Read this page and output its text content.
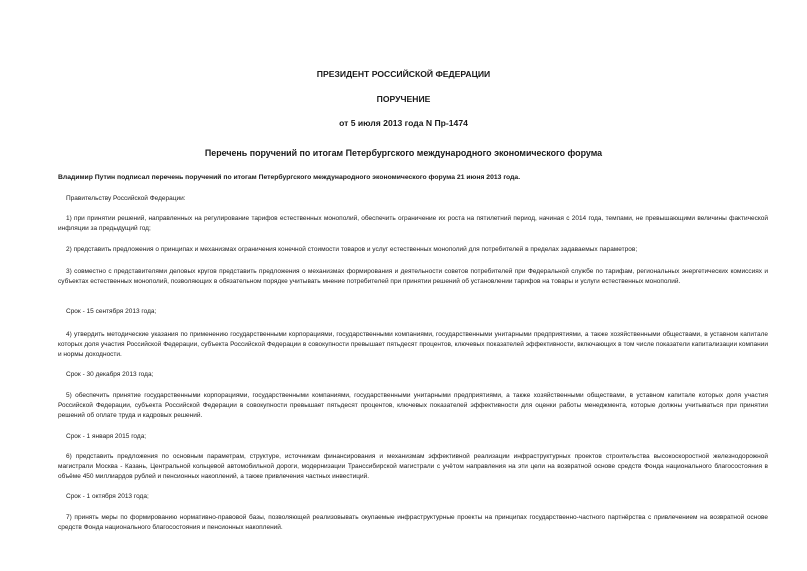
ПРЕЗИДЕНТ РОССИЙСКОЙ ФЕДЕРАЦИИ
ПОРУЧЕНИЕ
от 5 июля 2013 года N Пр-1474
Перечень поручений по итогам Петербургского международного экономического форума
Владимир Путин подписал перечень поручений по итогам Петербургского международного экономического форума 21 июня 2013 года.
Правительству Российской Федерации:
1) при принятии решений, направленных на регулирование тарифов естественных монополий, обеспечить ограничение их роста на пятилетний период, начиная с 2014 года, темпами, не превышающими величины фактической инфляции за предыдущий год;
2) представить предложения о принципах и механизмах ограничения конечной стоимости товаров и услуг естественных монополий для потребителей в пределах задаваемых параметров;
3) совместно с представителями деловых кругов представить предложения о механизмах формирования и деятельности советов потребителей при Федеральной службе по тарифам, региональных энергетических комиссиях и субъектах естественных монополий, позволяющих в обязательном порядке учитывать мнение потребителей при принятии решений об установлении тарифов на товары и услуги естественных монополий.
Срок - 15 сентября 2013 года;
4) утвердить методические указания по применению государственными корпорациями, государственными компаниями, государственными унитарными предприятиями, а также хозяйственными обществами, в уставном капитале которых доля участия Российской Федерации, субъекта Российской Федерации в совокупности превышает пятьдесят процентов, ключевых показателей эффективности, включающих в том числе показатели капитализации компании и нормы доходности.
Срок - 30 декабря 2013 года;
5) обеспечить принятие государственными корпорациями, государственными компаниями, государственными унитарными предприятиями, а также хозяйственными обществами, в уставном капитале которых доля участия Российской Федерации, субъекта Российской Федерации в совокупности превышает пятьдесят процентов, ключевых показателей эффективности для оценки работы менеджмента, которые должны учитываться при принятии решений об оплате труда и кадровых решений.
Срок - 1 января 2015 года;
6) представить предложения по основным параметрам, структуре, источникам финансирования и механизмам эффективной реализации инфраструктурных проектов строительства высокоскоростной железнодорожной магистрали Москва - Казань, Центральной кольцевой автомобильной дороги, модернизации Транссибирской магистрали с учётом направления на эти цели на возвратной основе средств Фонда национального благосостояния в объёме 450 миллиардов рублей и пенсионных накоплений, а также привлечения частных инвестиций.
Срок - 1 октября 2013 года;
7) принять меры по формированию нормативно-правовой базы, позволяющей реализовывать окупаемые инфраструктурные проекты на принципах государственно-частного партнёрства с привлечением на возвратной основе средств Фонда национального благосостояния и пенсионных накоплений.
